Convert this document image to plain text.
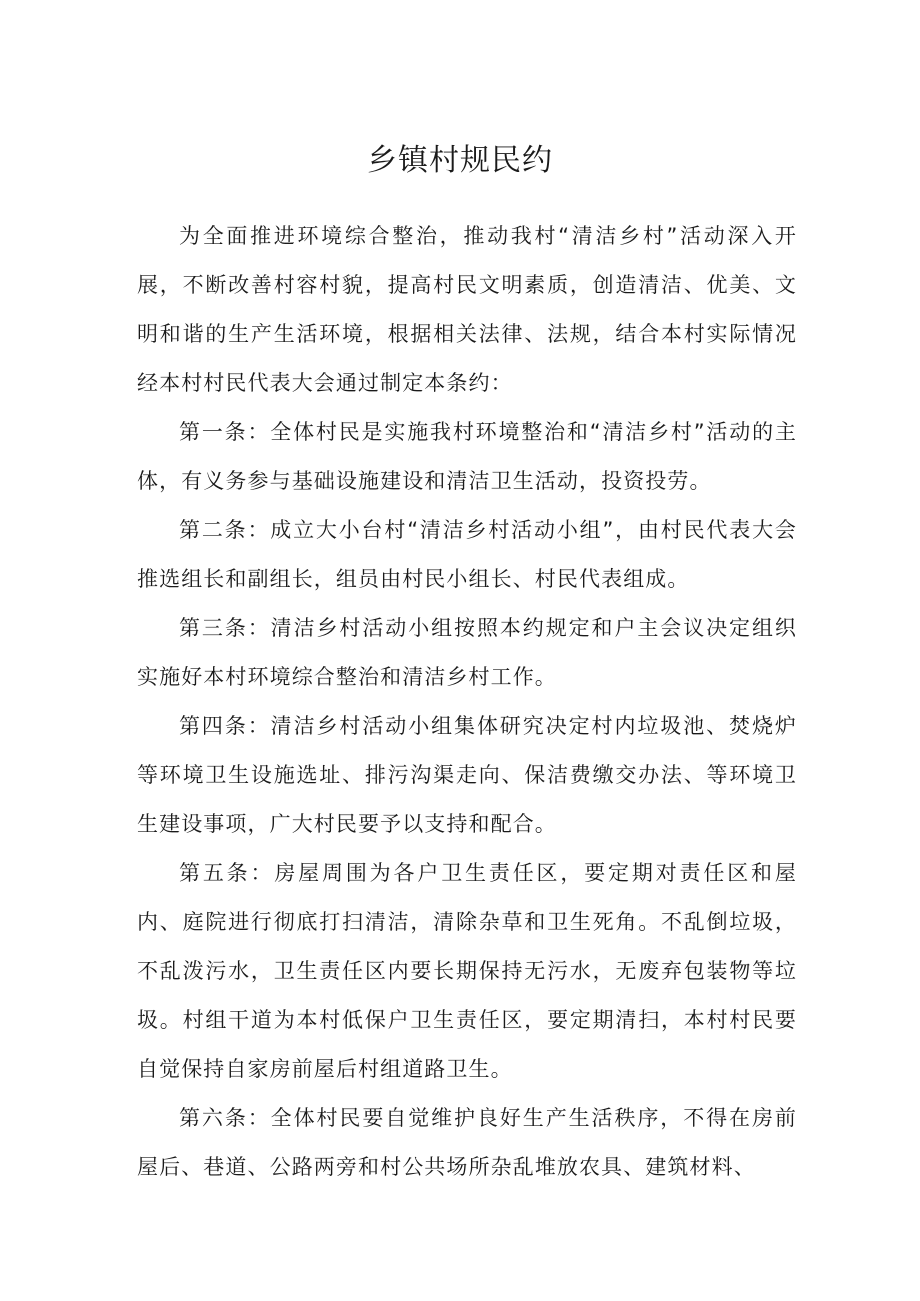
乡镇村规民约

为全面推进环境综合整治，推动我村“清洁乡村”活动深入开展，不断改善村容村貌，提高村民文明素质，创造清洁、优美、文明和谐的生产生活环境，根据相关法律、法规，结合本村实际情况经本村村民代表大会通过制定本条约：

第一条：全体村民是实施我村环境整治和“清洁乡村”活动的主体，有义务参与基础设施建设和清洁卫生活动，投资投劳。

第二条：成立大小台村“清洁乡村活动小组”，由村民代表大会推选组长和副组长，组员由村民小组长、村民代表组成。

第三条：清洁乡村活动小组按照本约规定和户主会议决定组织实施好本村环境综合整治和清洁乡村工作。

第四条：清洁乡村活动小组集体研究决定村内垃圾池、焚烧炉等环境卫生设施选址、排污沟渠走向、保洁费缴交办法、等环境卫生建设事项，广大村民要予以支持和配合。

第五条：房屋周围为各户卫生责任区，要定期对责任区和屋内、庭院进行彻底打扫清洁，清除杂草和卫生死角。不乱倒垃圾，不乱泼污水，卫生责任区内要长期保持无污水，无废弃包装物等垃圾。村组干道为本村低保户卫生责任区，要定期清扫，本村村民要自觉保持自家房前屋后村组道路卫生。

第六条：全体村民要自觉维护良好生产生活秩序，不得在房前屋后、巷道、公路两旁和村公共场所杂乱堆放农具、建筑材料、
